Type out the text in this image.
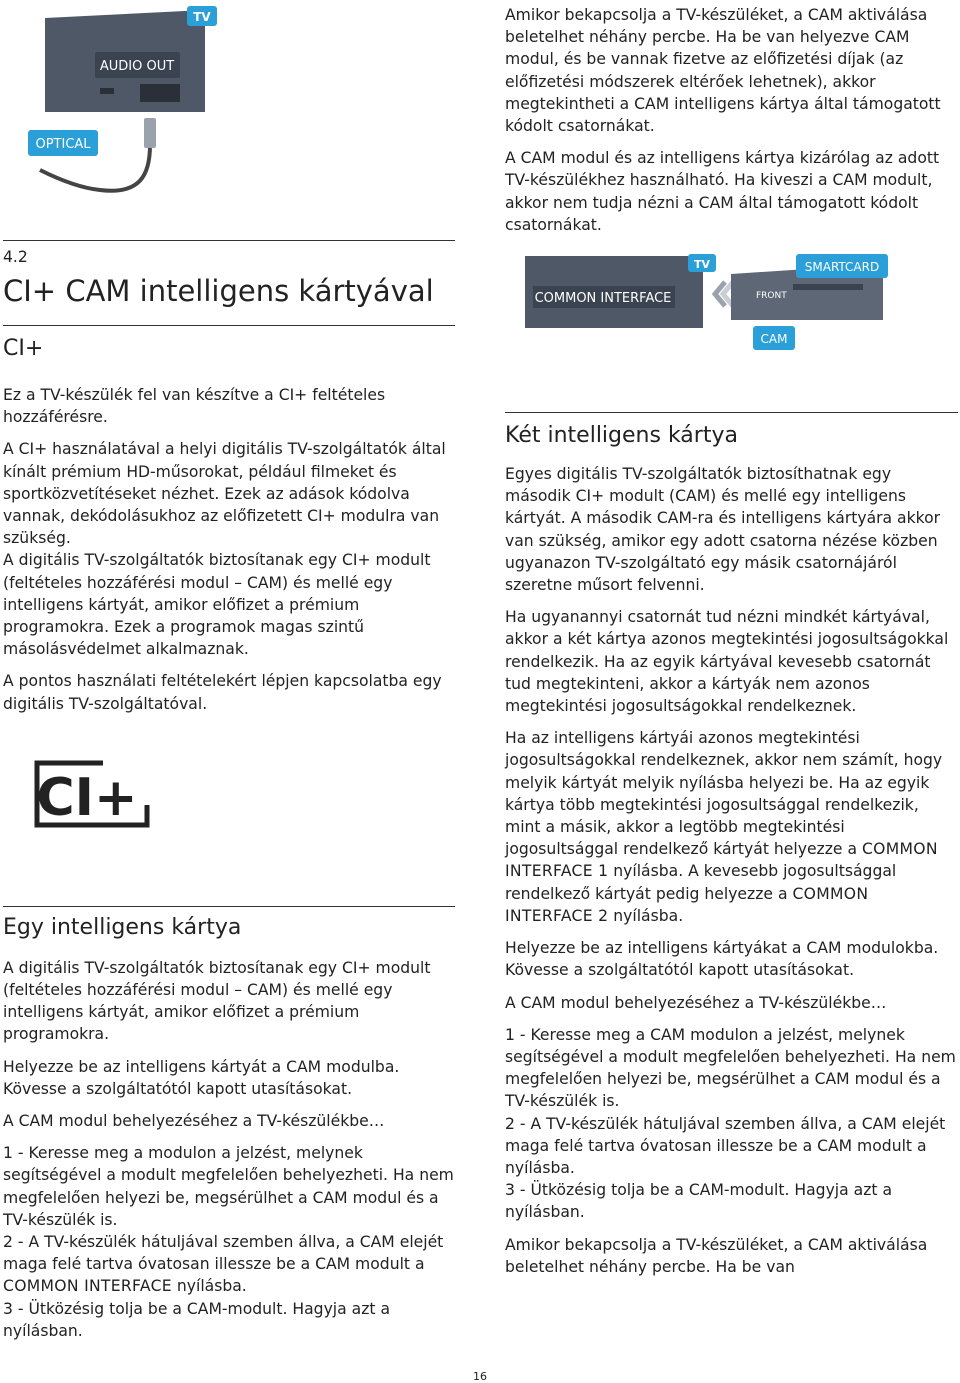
AUDIO OUT
TV
OPTICAL
4.2
CI+ CAM intelligens kártyával
CI+

Ez a TV-készülék fel van készítve a CI+ feltételes hozzáférésre.

A CI+ használatával a helyi digitális TV-szolgáltatók által kínált prémium HD-műsorokat, például filmeket és sportközvetítéseket nézhet. Ezek az adások kódolva vannak, dekódolásukhoz az előfizetett CI+ modulra van szükség.

A digitális TV-szolgáltatók biztosítanak egy CI+ modult (feltételes hozzáférési modul – CAM) és mellé egy intelligens kártyát, amikor előfizet a prémium programokra. Ezek a programok magas szintű másolásvédelmet alkalmaznak.

A pontos használati feltételekért lépjen kapcsolatba egy digitális TV-szolgáltatóval.

CI+
Egy intelligens kártya

A digitális TV-szolgáltatók biztosítanak egy CI+ modult (feltételes hozzáférési modul – CAM) és mellé egy intelligens kártyát, amikor előfizet a prémium programokra.

Helyezze be az intelligens kártyát a CAM modulba. Kövesse a szolgáltatótól kapott utasításokat.

A CAM modul behelyezéséhez a TV-készülékbe…

1 - Keresse meg a modulon a jelzést, melynek segítségével a modult megfelelően behelyezheti. Ha nem megfelelően helyezi be, megsérülhet a CAM modul és a TV-készülék is.

2 - A TV-készülék hátuljával szemben állva, a CAM elejét maga felé tartva óvatosan illessze be a CAM modult a COMMON INTERFACE nyílásba.

3 - Ütközésig tolja be a CAM-modult. Hagyja azt a nyílásban.

Amikor bekapcsolja a TV-készüléket, a CAM aktiválása beletelhet néhány percbe. Ha be van helyezve CAM modul, és be vannak fizetve az előfizetési díjak (az előfizetési módszerek eltérőek lehetnek), akkor megtekintheti a CAM intelligens kártya által támogatott kódolt csatornákat.

A CAM modul és az intelligens kártya kizárólag az adott TV-készülékhez használható. Ha kiveszi a CAM modult, akkor nem tudja nézni a CAM által támogatott kódolt csatornákat.

COMMON INTERFACE
TV
FRONT
SMARTCARD
CAM
Két intelligens kártya

Egyes digitális TV-szolgáltatók biztosíthatnak egy második CI+ modult (CAM) és mellé egy intelligens kártyát. A második CAM-ra és intelligens kártyára akkor van szükség, amikor egy adott csatorna nézése közben ugyanazon TV-szolgáltató egy másik csatornájáról szeretne műsort felvenni.

Ha ugyanannyi csatornát tud nézni mindkét kártyával, akkor a két kártya azonos megtekintési jogosultságokkal rendelkezik. Ha az egyik kártyával kevesebb csatornát tud megtekinteni, akkor a kártyák nem azonos megtekintési jogosultságokkal rendelkeznek.

Ha az intelligens kártyái azonos megtekintési jogosultságokkal rendelkeznek, akkor nem számít, hogy melyik kártyát melyik nyílásba helyezi be. Ha az egyik kártya több megtekintési jogosultsággal rendelkezik, mint a másik, akkor a legtöbb megtekintési jogosultsággal rendelkező kártyát helyezze a COMMON INTERFACE 1 nyílásba. A kevesebb jogosultsággal rendelkező kártyát pedig helyezze a COMMON INTERFACE 2 nyílásba.

Helyezze be az intelligens kártyákat a CAM modulokba. Kövesse a szolgáltatótól kapott utasításokat.

A CAM modul behelyezéséhez a TV-készülékbe…

1 - Keresse meg a CAM modulon a jelzést, melynek segítségével a modult megfelelően behelyezheti. Ha nem megfelelően helyezi be, megsérülhet a CAM modul és a TV-készülék is.

2 - A TV-készülék hátuljával szemben állva, a CAM elejét maga felé tartva óvatosan illessze be a CAM modult a nyílásba.

3 - Ütközésig tolja be a CAM-modult. Hagyja azt a nyílásban.

Amikor bekapcsolja a TV-készüléket, a CAM aktiválása beletelhet néhány percbe. Ha be van

16
